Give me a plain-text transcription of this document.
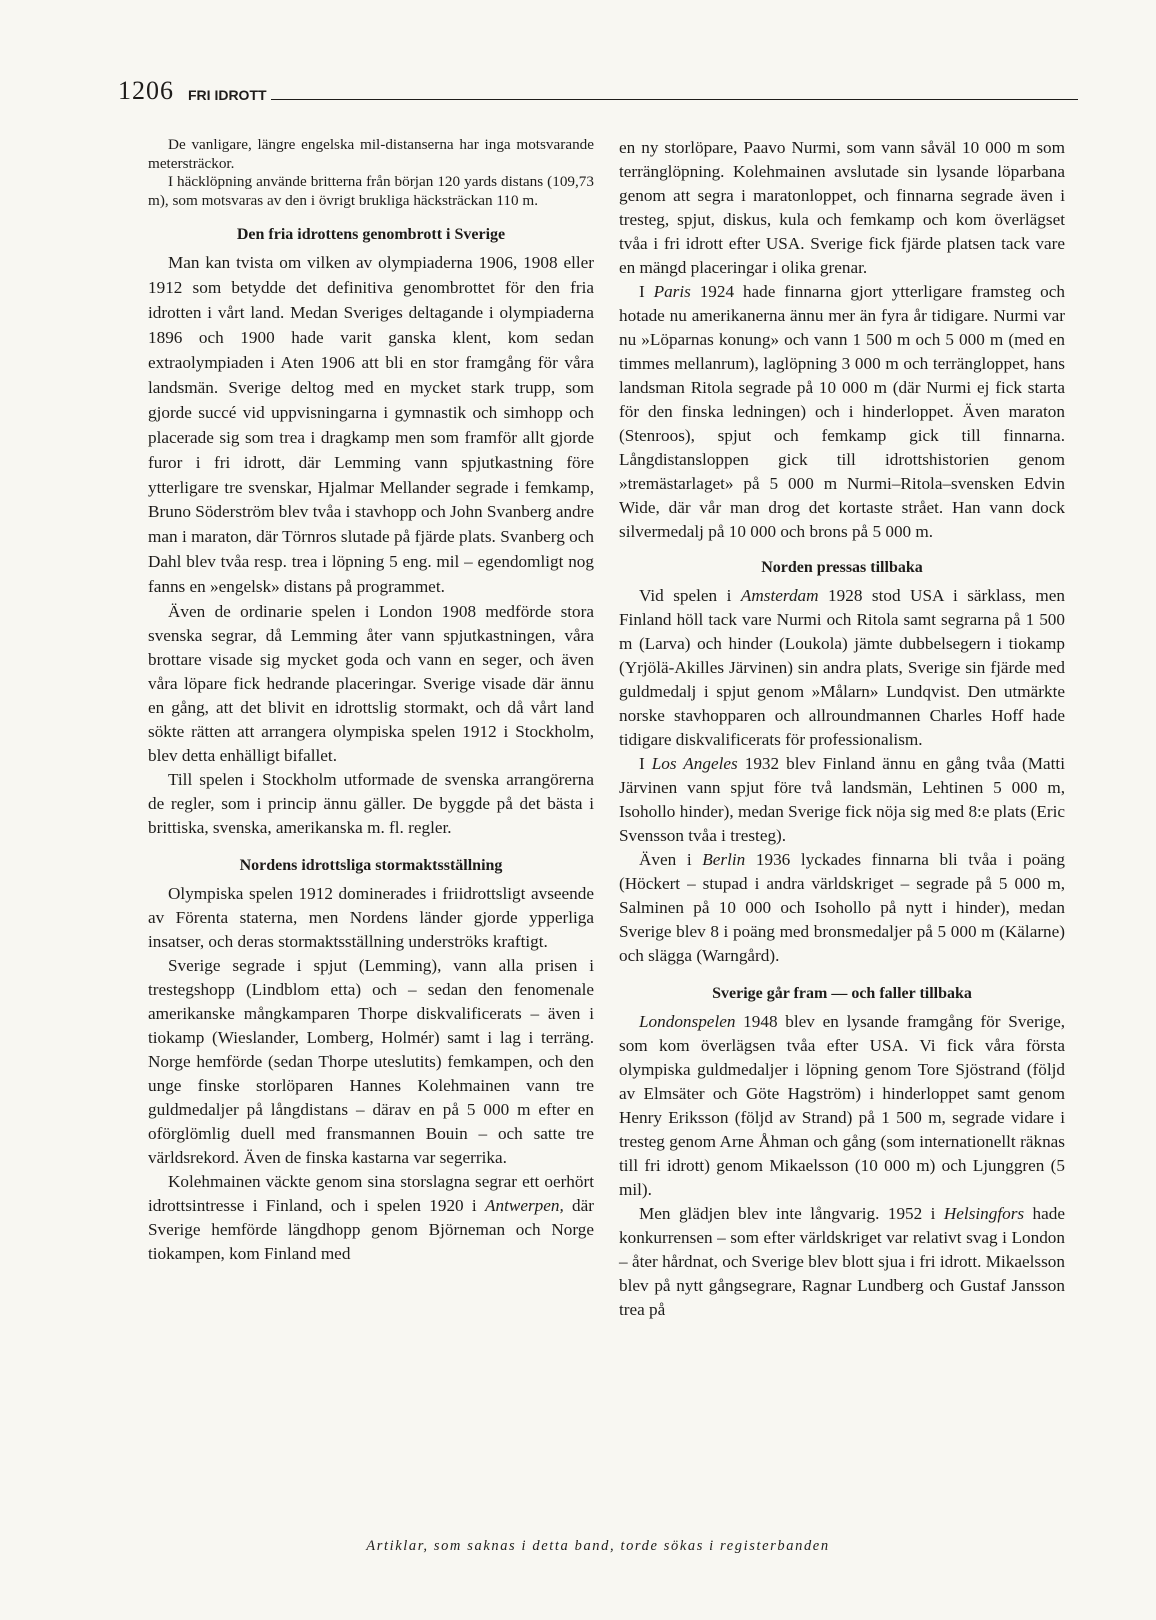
1206 FRI IDROTT

De vanligare, längre engelska mil-distanserna har inga motsvarande metersträckor.

I häcklöpning använde britterna från början 120 yards distans (109,73 m), som motsvaras av den i övrigt brukliga häcksträckan 110 m.

Den fria idrottens genombrott i Sverige

Man kan tvista om vilken av olympiaderna 1906, 1908 eller 1912 som betydde det definitiva genombrottet för den fria idrotten i vårt land. Medan Sveriges deltagande i olympiaderna 1896 och 1900 hade varit ganska klent, kom sedan extraolympiaden i Aten 1906 att bli en stor framgång för våra landsmän. Sverige deltog med en mycket stark trupp, som gjorde succé vid uppvisningarna i gymnastik och simhopp och placerade sig som trea i dragkamp men som framför allt gjorde furor i fri idrott, där Lemming vann spjutkastning före ytterligare tre svenskar, Hjalmar Mellander segrade i femkamp, Bruno Söderström blev tvåa i stavhopp och John Svanberg andre man i maraton, där Törnros slutade på fjärde plats. Svanberg och Dahl blev tvåa resp. trea i löpning 5 eng. mil – egendomligt nog fanns en »engelsk» distans på programmet.

Även de ordinarie spelen i London 1908 medförde stora svenska segrar, då Lemming åter vann spjutkastningen, våra brottare visade sig mycket goda och vann en seger, och även våra löpare fick hedrande placeringar. Sverige visade där ännu en gång, att det blivit en idrottslig stormakt, och då vårt land sökte rätten att arrangera olympiska spelen 1912 i Stockholm, blev detta enhälligt bifallet.

Till spelen i Stockholm utformade de svenska arrangörerna de regler, som i princip ännu gäller. De byggde på det bästa i brittiska, svenska, amerikanska m. fl. regler.

Nordens idrottsliga stormaktsställning

Olympiska spelen 1912 dominerades i friidrottsligt avseende av Förenta staterna, men Nordens länder gjorde ypperliga insatser, och deras stormaktsställning underströks kraftigt.

Sverige segrade i spjut (Lemming), vann alla prisen i trestegshopp (Lindblom etta) och – sedan den fenomenale amerikanske mångkamparen Thorpe diskvalificerats – även i tiokamp (Wieslander, Lomberg, Holmér) samt i lag i terräng. Norge hemförde (sedan Thorpe uteslutits) femkampen, och den unge finske storlöparen Hannes Kolehmainen vann tre guldmedaljer på långdistans – därav en på 5 000 m efter en oförglömlig duell med fransmannen Bouin – och satte tre världsrekord. Även de finska kastarna var segerrika.

Kolehmainen väckte genom sina storslagna segrar ett oerhört idrottsintresse i Finland, och i spelen 1920 i Antwerpen, där Sverige hemförde längdhopp genom Björneman och Norge tiokampen, kom Finland med

en ny storlöpare, Paavo Nurmi, som vann såväl 10 000 m som terränglöpning. Kolehmainen avslutade sin lysande löparbana genom att segra i maratonloppet, och finnarna segrade även i tresteg, spjut, diskus, kula och femkamp och kom överlägset tvåa i fri idrott efter USA. Sverige fick fjärde platsen tack vare en mängd placeringar i olika grenar.

I Paris 1924 hade finnarna gjort ytterligare framsteg och hotade nu amerikanerna ännu mer än fyra år tidigare. Nurmi var nu »Löparnas konung» och vann 1 500 m och 5 000 m (med en timmes mellanrum), laglöpning 3 000 m och terrängloppet, hans landsman Ritola segrade på 10 000 m (där Nurmi ej fick starta för den finska ledningen) och i hinderloppet. Även maraton (Stenroos), spjut och femkamp gick till finnarna. Långdistansloppen gick till idrottshistorien genom »tremästarlaget» på 5 000 m Nurmi–Ritola–svensken Edvin Wide, där vår man drog det kortaste strået. Han vann dock silvermedalj på 10 000 och brons på 5 000 m.

Norden pressas tillbaka

Vid spelen i Amsterdam 1928 stod USA i särklass, men Finland höll tack vare Nurmi och Ritola samt segrarna på 1 500 m (Larva) och hinder (Loukola) jämte dubbelsegern i tiokamp (Yrjölä-Akilles Järvinen) sin andra plats, Sverige sin fjärde med guldmedalj i spjut genom »Målarn» Lundqvist. Den utmärkte norske stavhopparen och allroundmannen Charles Hoff hade tidigare diskvalificerats för professionalism.

I Los Angeles 1932 blev Finland ännu en gång tvåa (Matti Järvinen vann spjut före två landsmän, Lehtinen 5 000 m, Isohollo hinder), medan Sverige fick nöja sig med 8:e plats (Eric Svensson tvåa i tresteg).

Även i Berlin 1936 lyckades finnarna bli tvåa i poäng (Höckert – stupad i andra världskriget – segrade på 5 000 m, Salminen på 10 000 och Isohollo på nytt i hinder), medan Sverige blev 8 i poäng med bronsmedaljer på 5 000 m (Kälarne) och slägga (Warngård).

Sverige går fram — och faller tillbaka

Londonspelen 1948 blev en lysande framgång för Sverige, som kom överlägsen tvåa efter USA. Vi fick våra första olympiska guldmedaljer i löpning genom Tore Sjöstrand (följd av Elmsäter och Göte Hagström) i hinderloppet samt genom Henry Eriksson (följd av Strand) på 1 500 m, segrade vidare i tresteg genom Arne Åhman och gång (som internationellt räknas till fri idrott) genom Mikaelsson (10 000 m) och Ljunggren (5 mil).

Men glädjen blev inte långvarig. 1952 i Helsingfors hade konkurrensen – som efter världskriget var relativt svag i London – åter hårdnat, och Sverige blev blott sjua i fri idrott. Mikaelsson blev på nytt gångsegrare, Ragnar Lundberg och Gustaf Jansson trea på

Artiklar, som saknas i detta band, torde sökas i registerbanden
